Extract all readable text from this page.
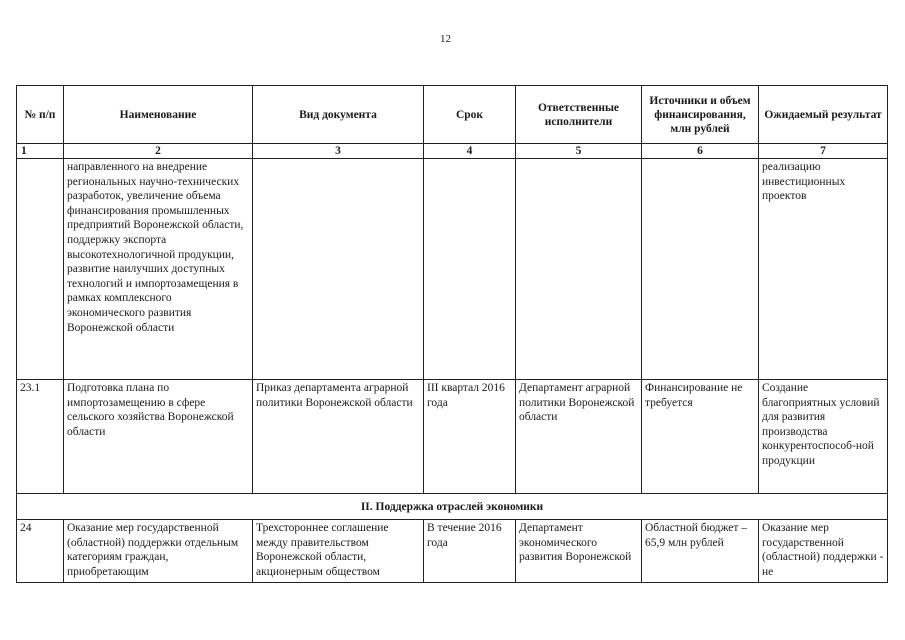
12
№ п/п	Наименование	Вид документа	Срок	Ответственные исполнители	Источники и объем финансирования, млн рублей	Ожидаемый результат
1	2	3	4	5	6	7
	направленного на внедрение региональных научно-технических разработок, увеличение объема финансирования промышленных предприятий Воронежской области, поддержку экспорта высокотехнологичной продукции, развитие наилучших доступных технологий и импортозамещения в рамках комплексного экономического развития Воронежской области					реализацию инвестиционных проектов
23.1	Подготовка плана по импортозамещению в сфере сельского хозяйства Воронежской области	Приказ департамента аграрной политики Воронежской области	III квартал 2016 года	Департамент аграрной политики Воронежской области	Финансирование не требуется	Создание благоприятных условий для развития производства конкурентоспособ-ной продукции
II. Поддержка отраслей экономики						
24	Оказание мер государственной (областной) поддержки отдельным категориям граждан, приобретающим	Трехстороннее соглашение между правительством Воронежской области, акционерным обществом	В течение 2016 года	Департамент экономического развития Воронежской	Областной бюджет – 65,9 млн рублей	Оказание мер государственной (областной) поддержки - не
